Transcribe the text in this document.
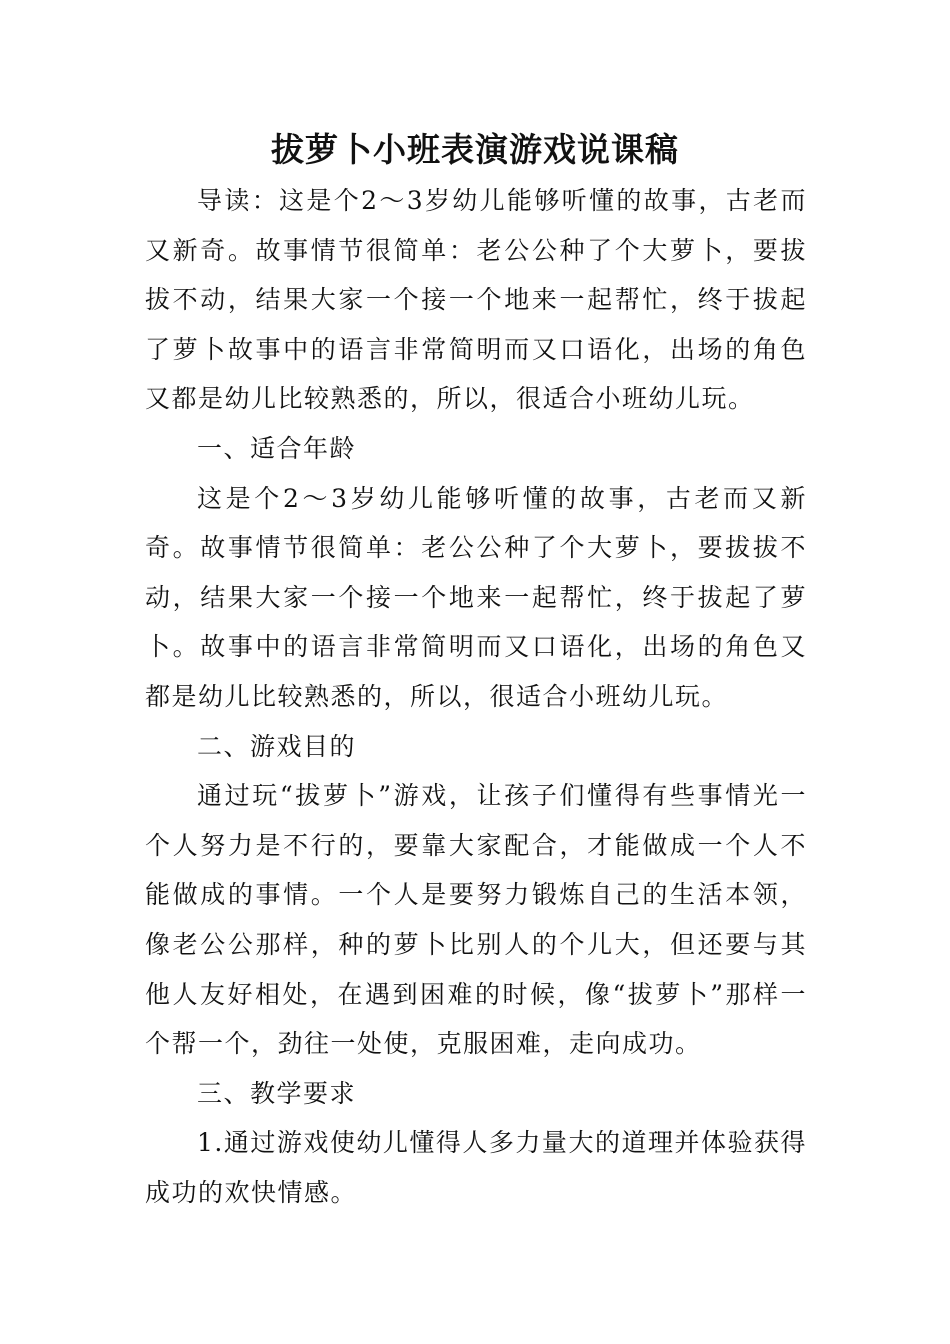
拔萝卜小班表演游戏说课稿

导读：这是个2～3岁幼儿能够听懂的故事，古老而又新奇。故事情节很简单：老公公种了个大萝卜，要拔拔不动，结果大家一个接一个地来一起帮忙，终于拔起了萝卜故事中的语言非常简明而又口语化，出场的角色又都是幼儿比较熟悉的，所以，很适合小班幼儿玩。

一、适合年龄

这是个2～3岁幼儿能够听懂的故事，古老而又新奇。故事情节很简单：老公公种了个大萝卜，要拔拔不动，结果大家一个接一个地来一起帮忙，终于拔起了萝卜。故事中的语言非常简明而又口语化，出场的角色又都是幼儿比较熟悉的，所以，很适合小班幼儿玩。

二、游戏目的

通过玩“拔萝卜”游戏，让孩子们懂得有些事情光一个人努力是不行的，要靠大家配合，才能做成一个人不能做成的事情。一个人是要努力锻炼自己的生活本领，像老公公那样，种的萝卜比别人的个儿大，但还要与其他人友好相处，在遇到困难的时候，像“拔萝卜”那样一个帮一个，劲往一处使，克服困难，走向成功。

三、教学要求

1.通过游戏使幼儿懂得人多力量大的道理并体验获得成功的欢快情感。
